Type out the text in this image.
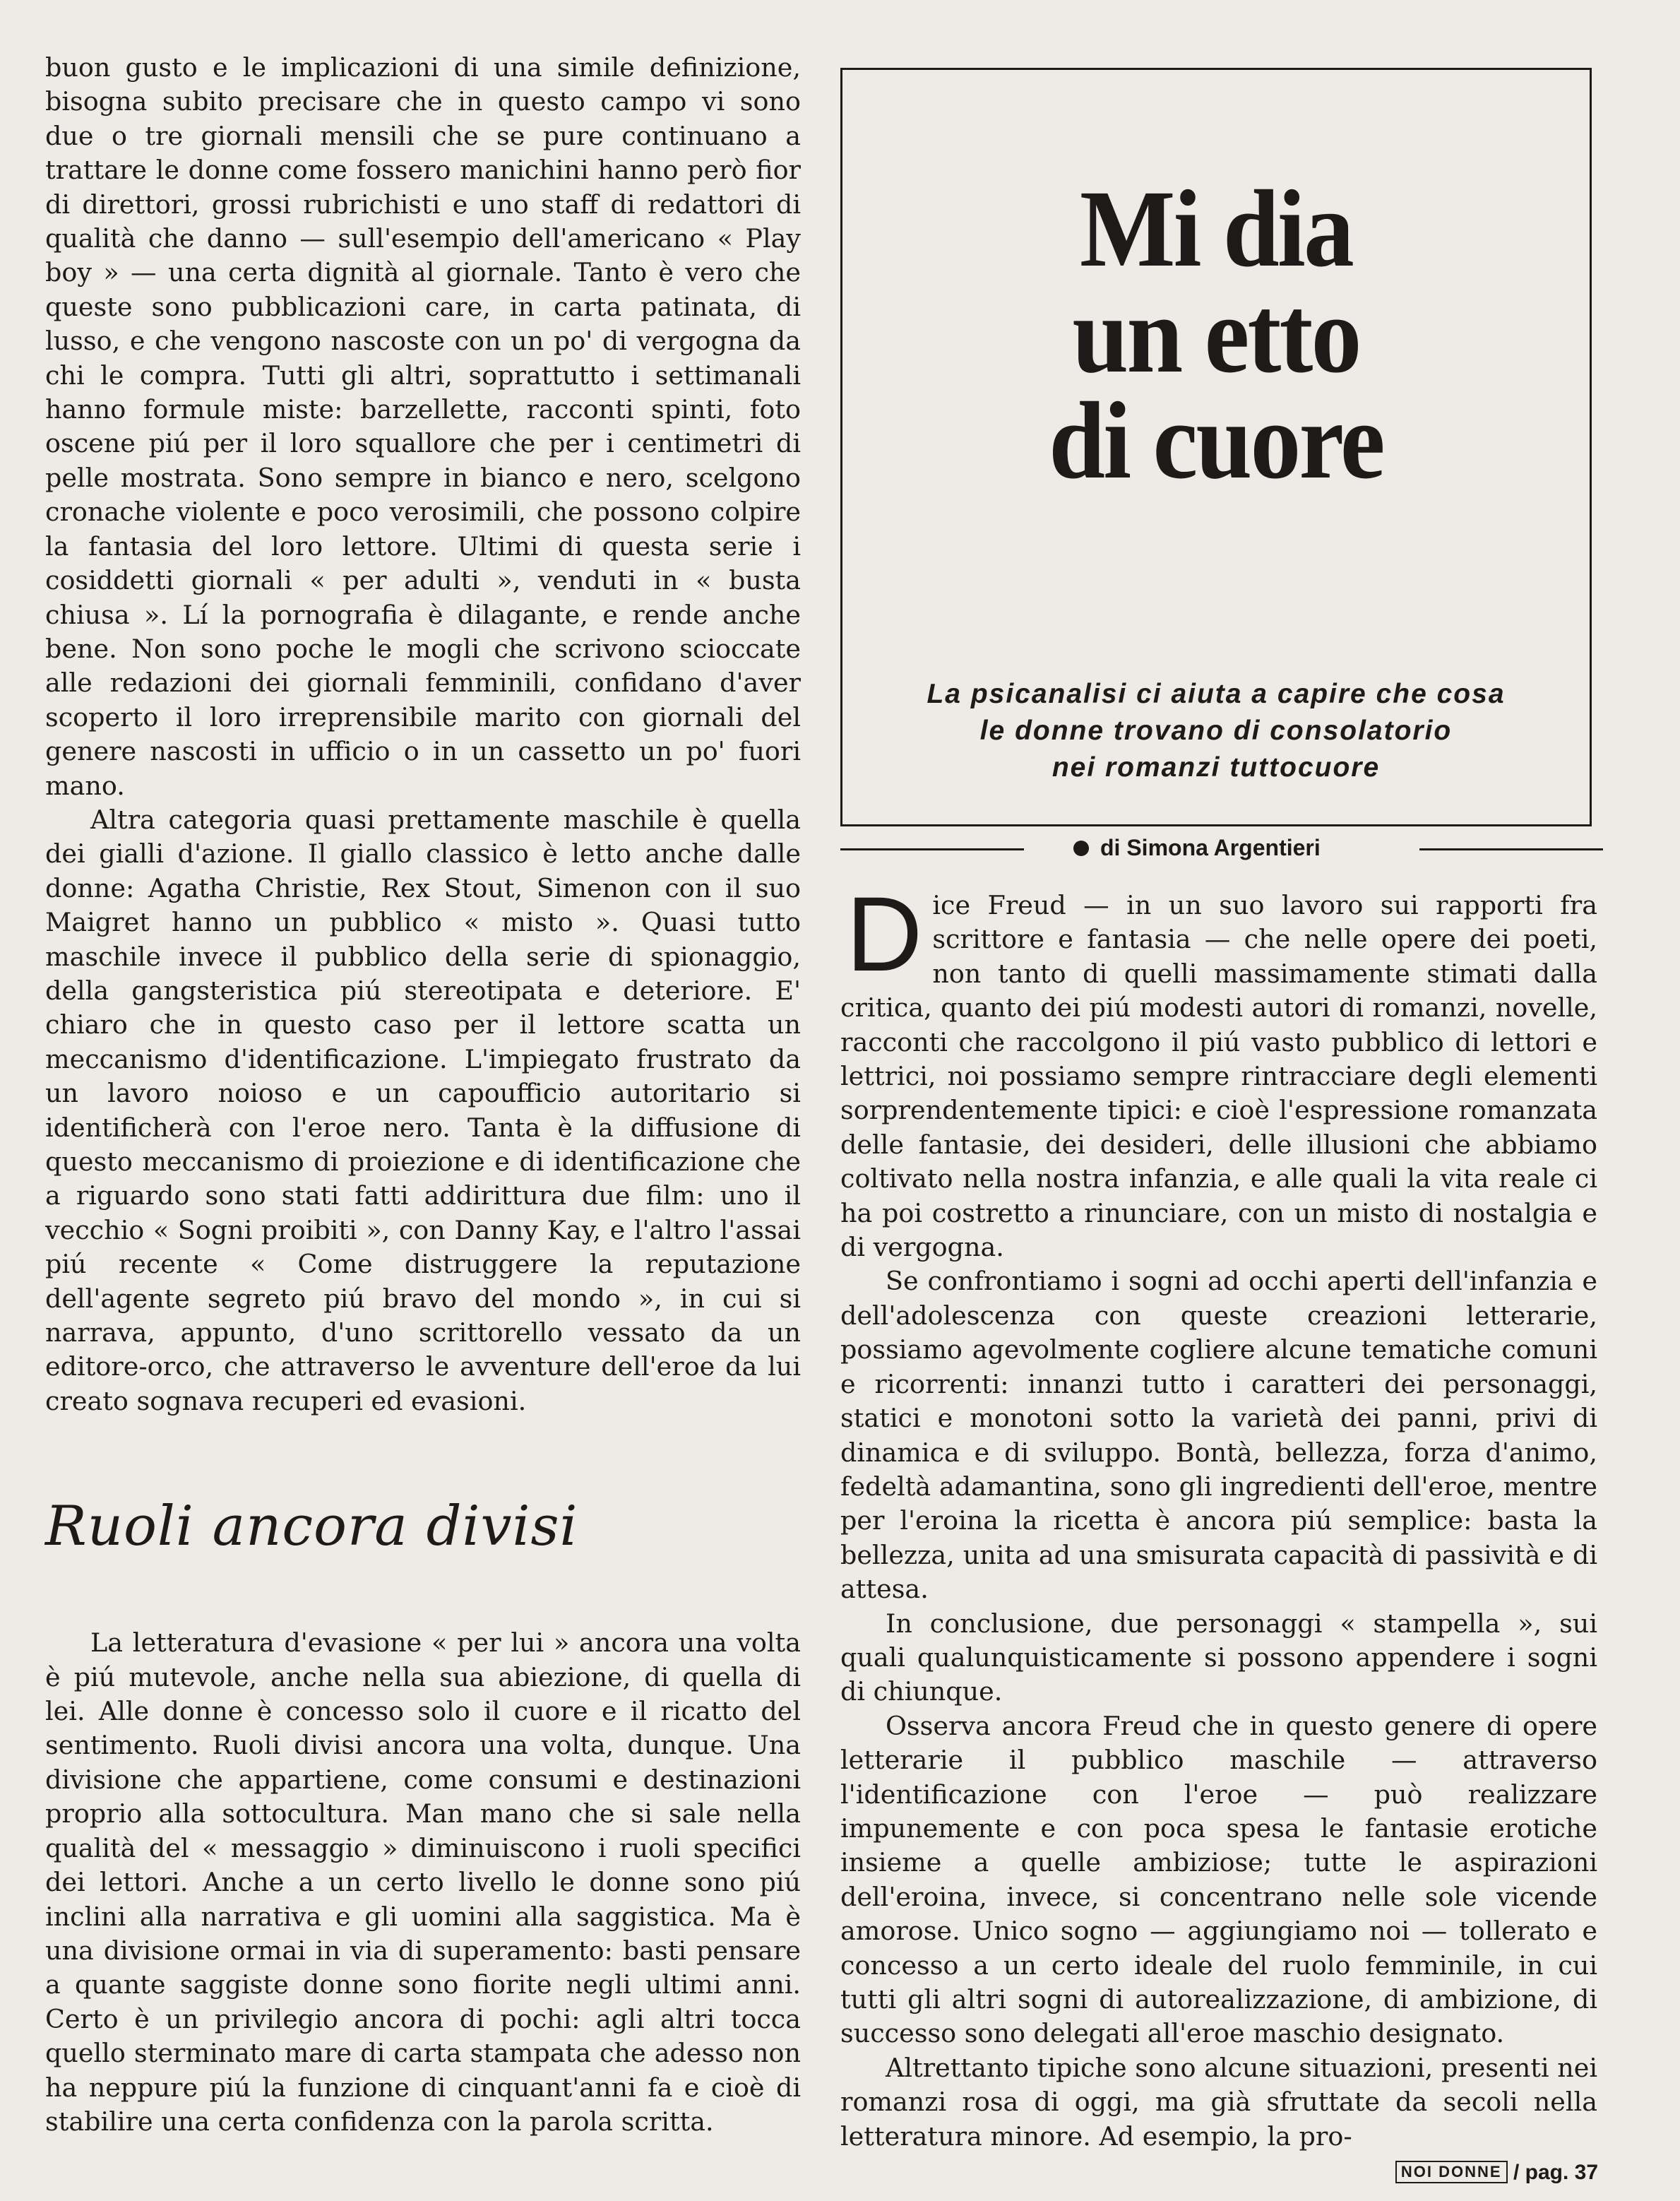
buon gusto e le implicazioni di una simile definizione, bisogna subito precisare che in questo campo vi sono due o tre giornali mensili che se pure continuano a trattare le donne come fossero manichini hanno però fior di direttori, grossi rubrichisti e uno staff di redattori di qualità che danno — sull'esempio dell'americano « Play boy » — una certa dignità al giornale. Tanto è vero che queste sono pubblicazioni care, in carta patinata, di lusso, e che vengono nascoste con un po' di vergogna da chi le compra. Tutti gli altri, soprattutto i settimanali hanno formule miste: barzellette, racconti spinti, foto oscene piú per il loro squallore che per i centimetri di pelle mostrata. Sono sempre in bianco e nero, scelgono cronache violente e poco verosimili, che possono colpire la fantasia del loro lettore. Ultimi di questa serie i cosiddetti giornali « per adulti », venduti in « busta chiusa ». Lí la pornografia è dilagante, e rende anche bene. Non sono poche le mogli che scrivono scioccate alle redazioni dei giornali femminili, confidano d'aver scoperto il loro irreprensibile marito con giornali del genere nascosti in ufficio o in un cassetto un po' fuori mano.

Altra categoria quasi prettamente maschile è quella dei gialli d'azione. Il giallo classico è letto anche dalle donne: Agatha Christie, Rex Stout, Simenon con il suo Maigret hanno un pubblico « misto ». Quasi tutto maschile invece il pubblico della serie di spionaggio, della gangsteristica piú stereotipata e deteriore. E' chiaro che in questo caso per il lettore scatta un meccanismo d'identificazione. L'impiegato frustrato da un lavoro noioso e un capoufficio autoritario si identificherà con l'eroe nero. Tanta è la diffusione di questo meccanismo di proiezione e di identificazione che a riguardo sono stati fatti addirittura due film: uno il vecchio « Sogni proibiti », con Danny Kay, e l'altro l'assai piú recente « Come distruggere la reputazione dell'agente segreto piú bravo del mondo », in cui si narrava, appunto, d'uno scrittorello vessato da un editore-orco, che attraverso le avventure dell'eroe da lui creato sognava recuperi ed evasioni.

Ruoli ancora divisi

La letteratura d'evasione « per lui » ancora una volta è piú mutevole, anche nella sua abiezione, di quella di lei. Alle donne è concesso solo il cuore e il ricatto del sentimento. Ruoli divisi ancora una volta, dunque. Una divisione che appartiene, come consumi e destinazioni proprio alla sottocultura. Man mano che si sale nella qualità del « messaggio » diminuiscono i ruoli specifici dei lettori. Anche a un certo livello le donne sono piú inclini alla narrativa e gli uomini alla saggistica. Ma è una divisione ormai in via di superamento: basti pensare a quante saggiste donne sono fiorite negli ultimi anni. Certo è un privilegio ancora di pochi: agli altri tocca quello sterminato mare di carta stampata che adesso non ha neppure piú la funzione di cinquant'anni fa e cioè di stabilire una certa confidenza con la parola scritta.

Mi dia
un etto
di cuore
La psicanalisi ci aiuta a capire che cosa
le donne trovano di consolatorio
nei romanzi tuttocuore
di Simona Argentieri

Dice Freud — in un suo lavoro sui rapporti fra scrittore e fantasia — che nelle opere dei poeti, non tanto di quelli massimamente stimati dalla critica, quanto dei piú modesti autori di romanzi, novelle, racconti che raccolgono il piú vasto pubblico di lettori e lettrici, noi possiamo sempre rintracciare degli elementi sorprendentemente tipici: e cioè l'espressione romanzata delle fantasie, dei desideri, delle illusioni che abbiamo coltivato nella nostra infanzia, e alle quali la vita reale ci ha poi costretto a rinunciare, con un misto di nostalgia e di vergogna.

Se confrontiamo i sogni ad occhi aperti dell'infanzia e dell'adolescenza con queste creazioni letterarie, possiamo agevolmente cogliere alcune tematiche comuni e ricorrenti: innanzi tutto i caratteri dei personaggi, statici e monotoni sotto la varietà dei panni, privi di dinamica e di sviluppo. Bontà, bellezza, forza d'animo, fedeltà adamantina, sono gli ingredienti dell'eroe, mentre per l'eroina la ricetta è ancora piú semplice: basta la bellezza, unita ad una smisurata capacità di passività e di attesa.

In conclusione, due personaggi « stampella », sui quali qualunquisticamente si possono appendere i sogni di chiunque.

Osserva ancora Freud che in questo genere di opere letterarie il pubblico maschile — attraverso l'identificazione con l'eroe — può realizzare impunemente e con poca spesa le fantasie erotiche insieme a quelle ambiziose; tutte le aspirazioni dell'eroina, invece, si concentrano nelle sole vicende amorose. Unico sogno — aggiungiamo noi — tollerato e concesso a un certo ideale del ruolo femminile, in cui tutti gli altri sogni di autorealizzazione, di ambizione, di successo sono delegati all'eroe maschio designato.

Altrettanto tipiche sono alcune situazioni, presenti nei romanzi rosa di oggi, ma già sfruttate da secoli nella letteratura minore. Ad esempio, la pro-

NOI DONNE / pag. 37
